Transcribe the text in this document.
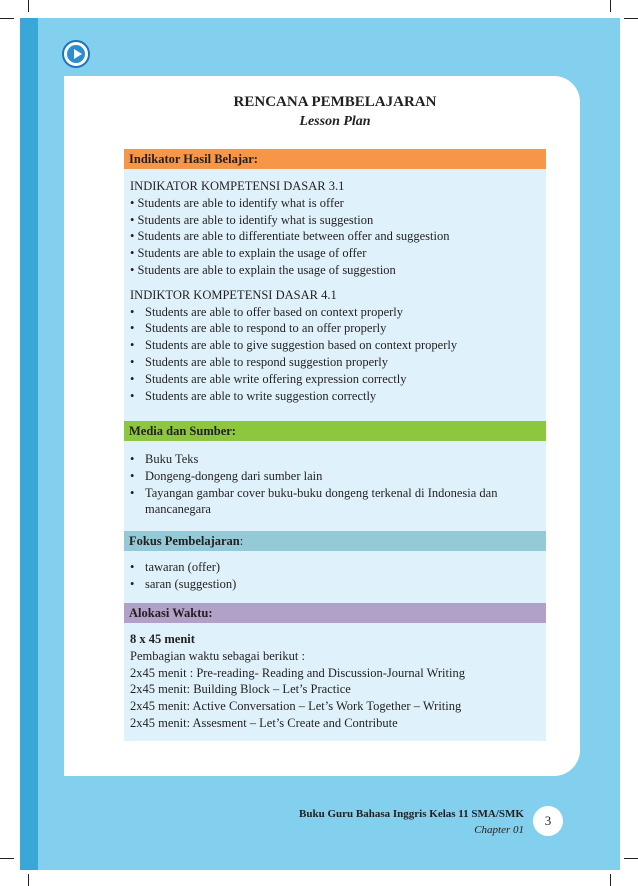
RENCANA PEMBELAJARAN
Lesson Plan
Indikator Hasil Belajar:
INDIKATOR KOMPETENSI DASAR 3.1
• Students are able to identify what is offer
• Students are able to identify what is suggestion
• Students are able to differentiate between offer and suggestion
• Students are able to explain the usage of offer
• Students are able to explain the usage of suggestion
INDIKTOR KOMPETENSI DASAR 4.1
• Students are able to offer based on context properly
• Students are able to respond to an offer properly
• Students are able to give suggestion based on context properly
• Students are able to respond suggestion properly
• Students are able write offering expression correctly
• Students are able to write suggestion correctly
Media dan Sumber:
• Buku Teks
• Dongeng-dongeng dari sumber lain
• Tayangan gambar cover buku-buku dongeng terkenal di Indonesia dan mancanegara
Fokus Pembelajaran:
• tawaran (offer)
• saran (suggestion)
Alokasi Waktu:
8 x 45 menit
Pembagian waktu sebagai berikut :
2x45 menit : Pre-reading- Reading and Discussion-Journal Writing
2x45 menit: Building Block – Let’s Practice
2x45 menit: Active Conversation – Let’s Work Together – Writing
2x45 menit: Assesment – Let’s Create and Contribute
Buku Guru Bahasa Inggris Kelas 11 SMA/SMK
Chapter 01
3
